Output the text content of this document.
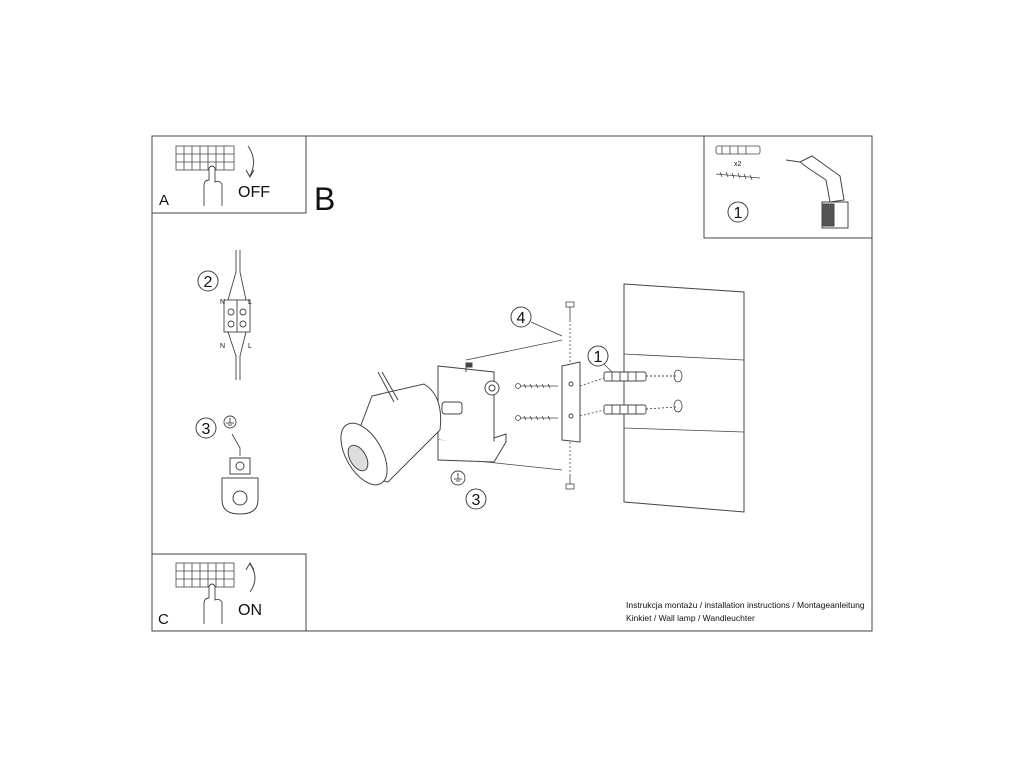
A	OFF B
x2
1
2
N	L
N	L
3
1
4
3
C
ON	Instrukcja montażu / installation instructions / Montageanleitung
Kinkiet / Wall lamp / Wandleuchter
